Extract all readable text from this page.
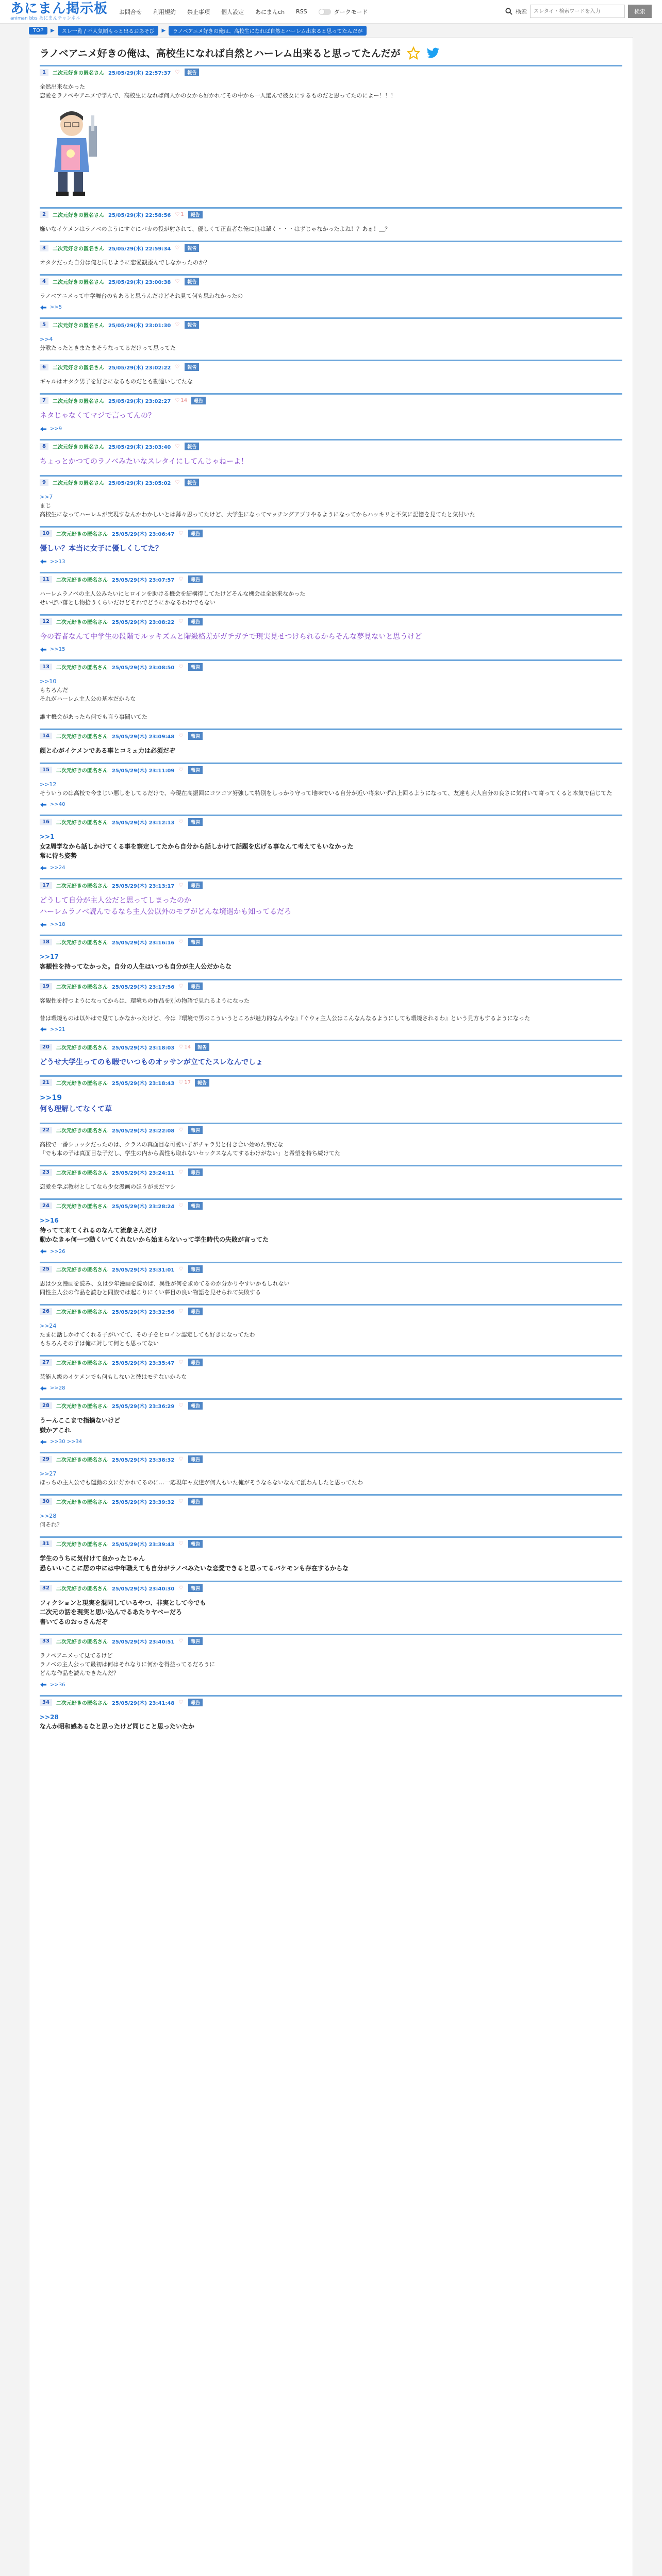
あにまん掲示板
animan bbs あにまんチャンネル
お問合せ 利用規約 禁止事項 個人設定 あにまんch RSS	ダークモード	検索
スレタイ・検索ワードを入力	検索
TOP	▶	スレ一覧 / 不人気順もっと出るおあそび	▶	ラノベアニメ好きの俺は、高校生になれば自然とハーレム出来ると思ってたんだが
ラノベアニメ好きの俺は、高校生になれば自然とハーレム出来ると思ってたんだが
1	二次元好きの匿名さん 25/05/29(木) 22:57:37 ♡	報告
全然出来なかった
恋愛をラノベやアニメで学んで、高校生になれば何人かの女から好かれてその中から一人選んで彼女にするものだと思ってたのによー！！！
2	二次元好きの匿名さん 25/05/29(木) 22:58:56 ♡ 1	報告
嫌いなイケメンはラノベのようにすぐにバカの役が射されて、優しくて正直者な俺に良は輩く・・・はずじゃなかったよね！？あぁ！＿？
3	二次元好きの匿名さん 25/05/29(木) 22:59:34 ♡	報告
オタクだった自分は俺と同じように恋愛観歪んでしなかったのか？
4	二次元好きの匿名さん 25/05/29(木) 23:00:38 ♡	報告
ラノベアニメって中学舞台のもあると思うんだけどそれ見て何も思わなかったの
>>5
5	二次元好きの匿名さん 25/05/29(木) 23:01:30 ♡	報告
>>4
分歌たったときまたまそうなってるだけって思ってた
6	二次元好きの匿名さん 25/05/29(木) 23:02:22 ♡	報告
ギャルはオタク男子を好きになるものだとも勘違いしてたな
7	二次元好きの匿名さん 25/05/29(木) 23:02:27 ♡ 14	報告
ネタじゃなくてマジで言ってんの？
>>9
8	二次元好きの匿名さん 25/05/29(木) 23:03:40 ♡	報告
ちょっとかつてのラノベみたいなスレタイにしてんじゃねーよ！
9	二次元好きの匿名さん 25/05/29(木) 23:05:02 ♡	報告
>>7
まじ
高校生になってハーレムが実現すなんかわかしいとは薄々思ってたけど、大学生になってマッチングアプリやるようになってからハッキリと不気に記憶を見てたと気付いた
10	二次元好きの匿名さん 25/05/29(木) 23:06:47 ♡	報告
優しい？本当に女子に優しくしてた？
>>13
11	二次元好きの匿名さん 25/05/29(木) 23:07:57 ♡	報告
ハーレムラノベの主人公みたいにヒロインを助ける機会を結構得してたけどそんな機会は全然来なかった
せいぜい落とし物拾うくらいだけどそれでどうにかなるわけでもない
12	二次元好きの匿名さん 25/05/29(木) 23:08:22 ♡	報告
今の若者なんて中学生の段階でルッキズムと階級格差がガチガチで現実見せつけられるからそんな夢見ないと思うけど
>>15
13	二次元好きの匿名さん 25/05/29(木) 23:08:50 ♡	報告
>>10
もちろんだ
それがハーレム主人公の基本だからな

誰す機会があったら何でも言う事聞いてた
14	二次元好きの匿名さん 25/05/29(木) 23:09:48 ♡	報告
顔と心がイケメンである事とコミュ力は必須だぞ
15	二次元好きの匿名さん 25/05/29(木) 23:11:09 ♡	報告
>>12
そういうのは高校で今まじい悪しをしてるだけで、今現在高振回にコツコツ努強して特別をしっかり守って地味でいる自分が近い将来いずれ上回るようになって、友達も大人自分の良さに気付いて寄ってくると本気で信じてた
>>40
16	二次元好きの匿名さん 25/05/29(木) 23:12:13 ♡	報告
>>1
女2周学なから話しかけてくる事を察定してたから自分から話しかけて話題を広げる事なんて考えてもいなかった
常に待ち姿勢
>>24
17	二次元好きの匿名さん 25/05/29(木) 23:13:17 ♡	報告
どうして自分が主人公だと思ってしまったのか
ハーレムラノベ読んでるなら主人公以外のモブがどんな境遇かも知ってるだろ
>>18
18	二次元好きの匿名さん 25/05/29(木) 23:16:16 ♡	報告
>>17
客観性を持ってなかった。自分の人生はいつも自分が主人公だからな
19	二次元好きの匿名さん 25/05/29(木) 23:17:56 ♡	報告
客観性を持つようになってからは、環境ちの作品を別の物語で見れるようになった

昔は環境ものは以外はで見てしかなかったけど、今は『環境で男のこういうところが魅力的なんやな』『ぐウォ主人公はこんなんなるようにしても環境されるわ』という見方もするようになった
>>21
20	二次元好きの匿名さん 25/05/29(木) 23:18:03 ♡ 14	報告
どうせ大学生ってのも暇でいつものオッサンが立てたスレなんでしょ
21	二次元好きの匿名さん 25/05/29(木) 23:18:43 ♡ 17	報告
>>19
何も理解してなくて草
22	二次元好きの匿名さん 25/05/29(木) 23:22:08 ♡	報告
高校で一番ショックだったのは、クラスの真面目な可愛い子がチャラ男と付き合い始めた事だな
「でも本の子は真面目な子だし、学生の内から異性も取れないセックスなんてするわけがない」と希望を持ち続けてた
23	二次元好きの匿名さん 25/05/29(木) 23:24:11 ♡	報告
恋愛を学ぶ教材としてなら少女漫画のほうがまだマシ
24	二次元好きの匿名さん 25/05/29(木) 23:28:24 ♡	報告
>>16
待ってて来てくれるのなんて流象さんだけ
動かなきゃ何一つ動くいてくれないから始まらないって学生時代の失敗が言ってた
>>26
25	二次元好きの匿名さん 25/05/29(木) 23:31:01 ♡	報告
思は少女漫画を読み、女は少年漫画を読めば、異性が何を求めてるのか分かりやすいかもしれない
同性主人公の作品を読むと同族では起こりにくい夢目の良い物語を見せられて失敗する
26	二次元好きの匿名さん 25/05/29(木) 23:32:56 ♡	報告
>>24
たまに話しかけてくれる子がいてて、その子をヒロイン認定しても好きになってたわ
もちろんその子は俺に対して何とも思ってない
27	二次元好きの匿名さん 25/05/29(木) 23:35:47 ♡	報告
芸能人級のイケメンでも何もしないと彼はモテないからな
>>28
28	二次元好きの匿名さん 25/05/29(木) 23:36:29 ♡	報告
うーんここまで指摘ないけど
嫌かアこれ
>>30 >>34
29	二次元好きの匿名さん 25/05/29(木) 23:38:32 ♡	報告
>>27
ほっちの主人公でも運動の女に好かれてるのに…一応現年ャ友達が何人もいた俺がそうならないなんて舐わんしたと思ってたわ
30	二次元好きの匿名さん 25/05/29(木) 23:39:32 ♡	報告
>>28
何それ？
31	二次元好きの匿名さん 25/05/29(木) 23:39:43 ♡	報告
学生のうちに気付けて良かったじゃん
恐らいいここに居の中には中年職えても自分がラノベみたいな恋愛できると思ってるバケモンも存在するからな
32	二次元好きの匿名さん 25/05/29(木) 23:40:30 ♡	報告
フィクションと現実を混同しているやつ、非実として今でも
二次元の話を現実と思い込んでるあたりヤベーだろ
書いてるのおっさんだぞ
33	二次元好きの匿名さん 25/05/29(木) 23:40:51 ♡	報告
ラノベアニメって見てるけど
ラノベの主人公って最初は何はそれなりに何かを得益ってるだろうに
どんな作品を読んできたんだ？
>>36
34	二次元好きの匿名さん 25/05/29(木) 23:41:48 ♡	報告
>>28
なんか昭和感あるなと思ったけど同じこと思ったいたか
